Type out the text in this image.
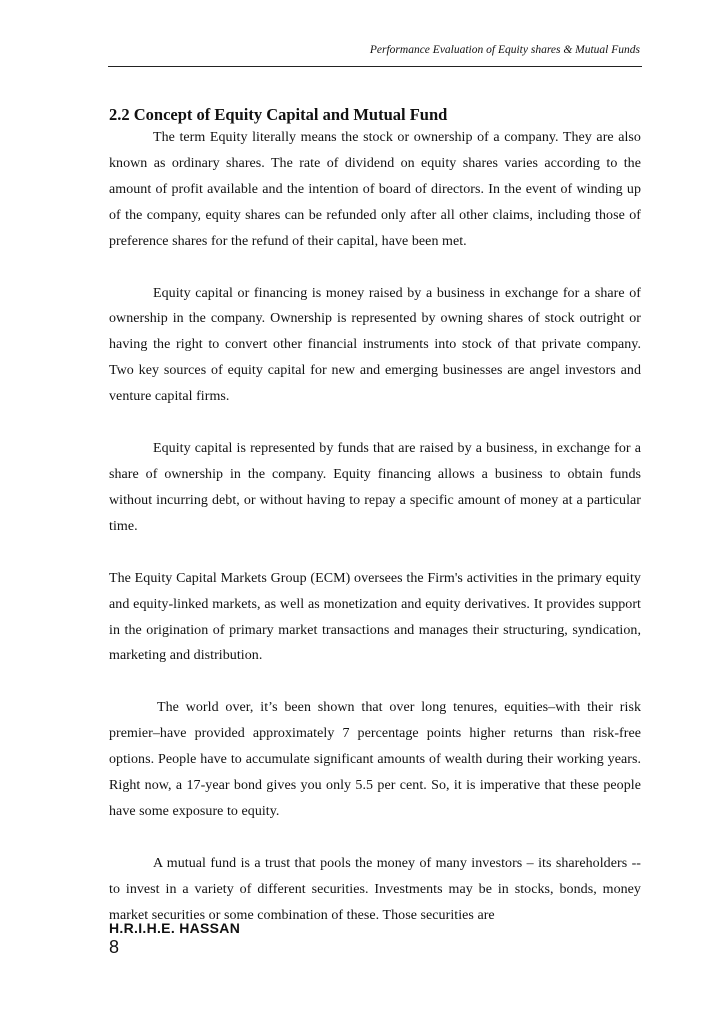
Performance Evaluation of Equity shares & Mutual Funds
2.2 Concept of Equity Capital and Mutual Fund

The term Equity literally means the stock or ownership of a company. They are also known as ordinary shares. The rate of dividend on equity shares varies according to the amount of profit available and the intention of board of directors. In the event of winding up of the company, equity shares can be refunded only after all other claims, including those of preference shares for the refund of their capital, have been met.

Equity capital or financing is money raised by a business in exchange for a share of ownership in the company. Ownership is represented by owning shares of stock outright or having the right to convert other financial instruments into stock of that private company. Two key sources of equity capital for new and emerging businesses are angel investors and venture capital firms.

Equity capital is represented by funds that are raised by a business, in exchange for a share of ownership in the company. Equity financing allows a business to obtain funds without incurring debt, or without having to repay a specific amount of money at a particular time.

The Equity Capital Markets Group (ECM) oversees the Firm's activities in the primary equity and equity-linked markets, as well as monetization and equity derivatives. It provides support in the origination of primary market transactions and manages their structuring, syndication, marketing and distribution.

The world over, it’s been shown that over long tenures, equities–with their risk premier–have provided approximately 7 percentage points higher returns than risk-free options. People have to accumulate significant amounts of wealth during their working years. Right now, a 17-year bond gives you only 5.5 per cent. So, it is imperative that these people have some exposure to equity.

A mutual fund is a trust that pools the money of many investors – its shareholders -- to invest in a variety of different securities. Investments may be in stocks, bonds, money market securities or some combination of these. Those securities are

H.R.I.H.E. HASSAN
8
